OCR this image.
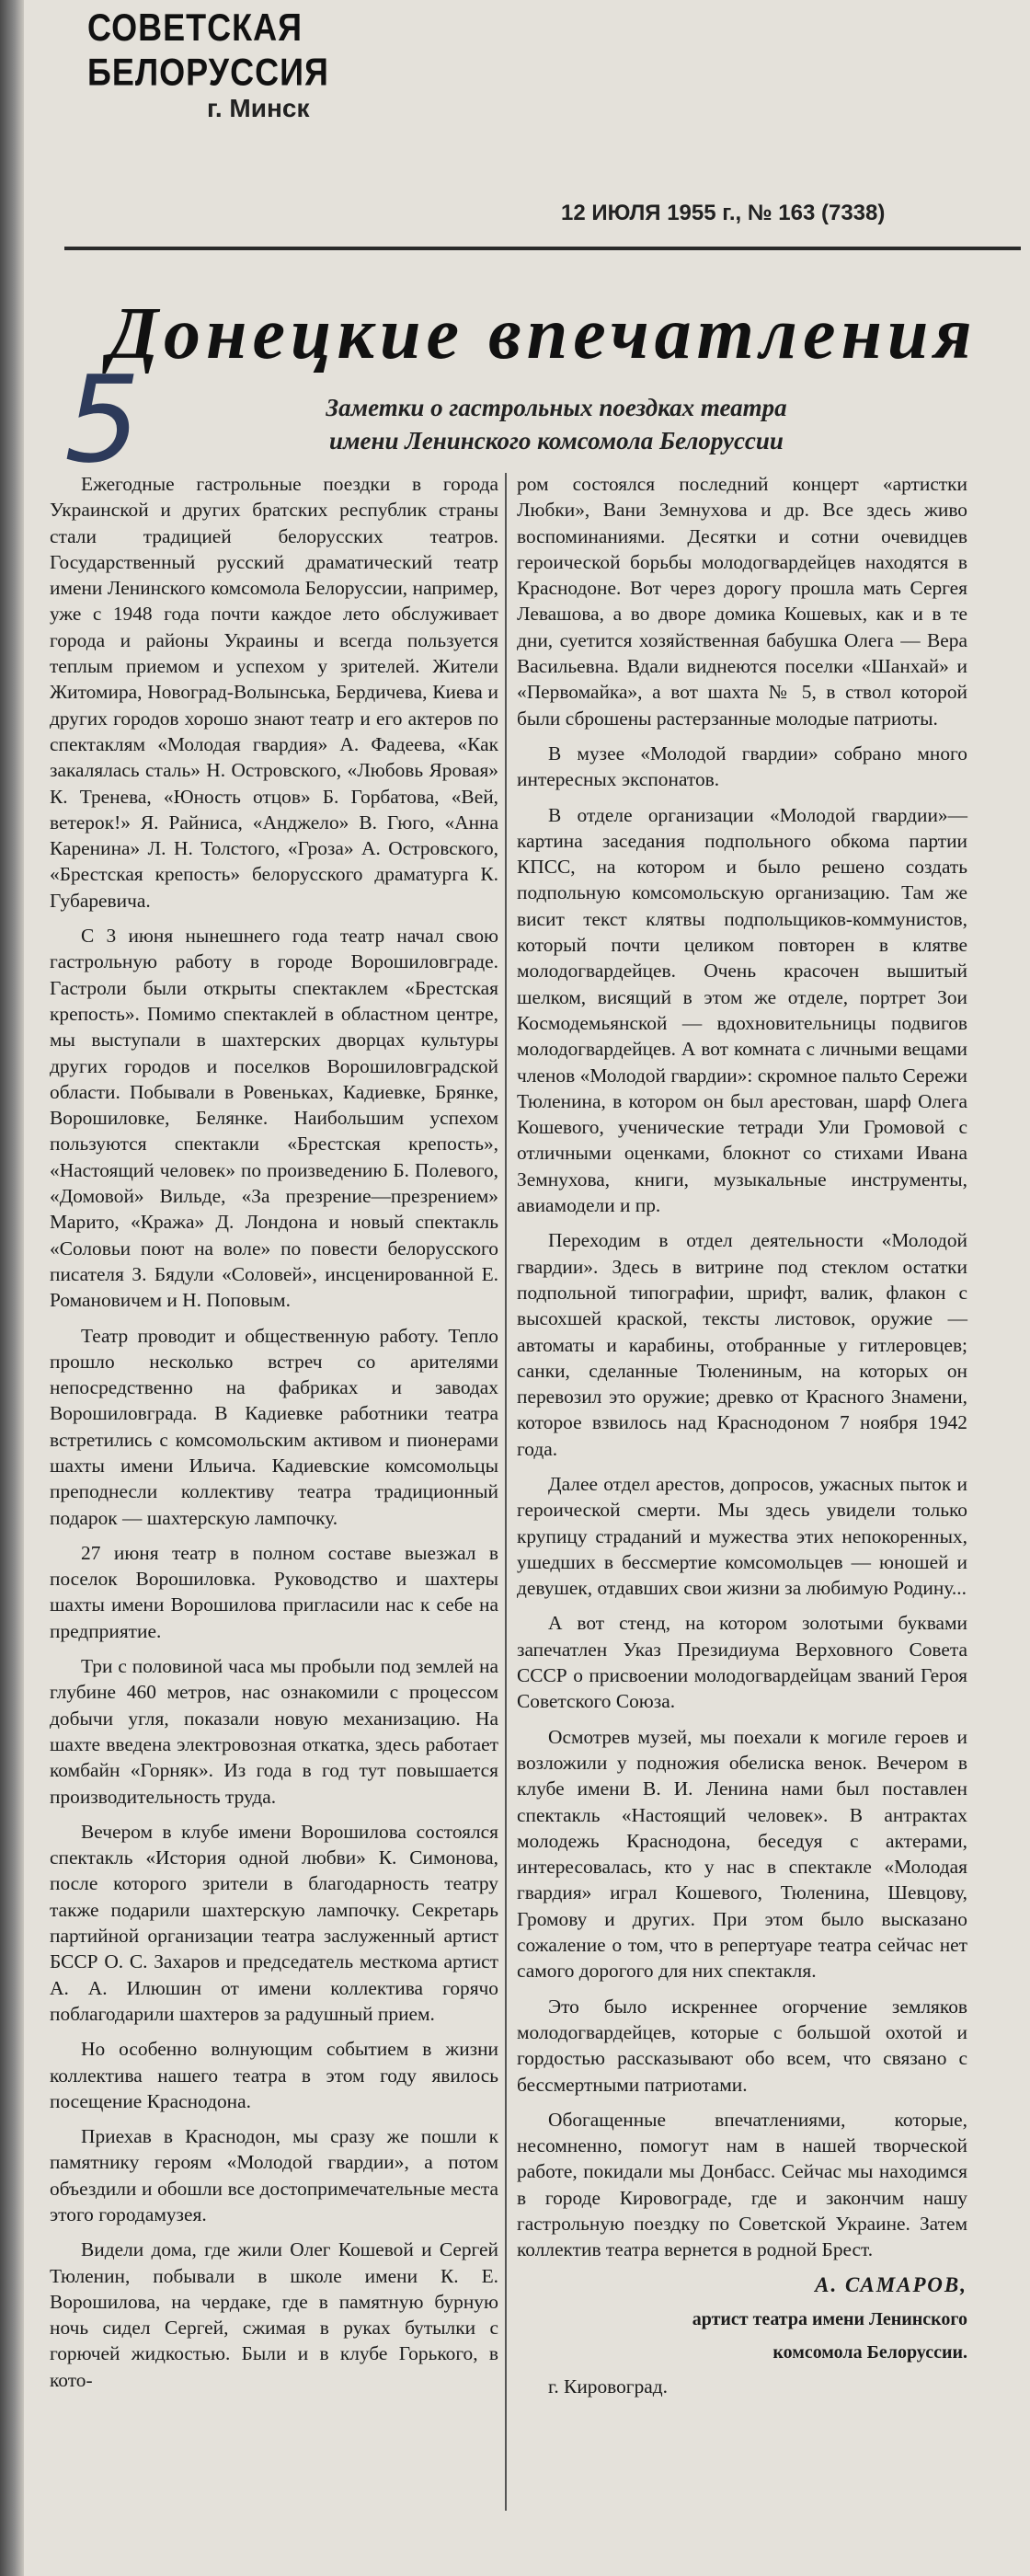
СОВЕТСКАЯ БЕЛОРУССИЯ
г. Минск
12 ИЮЛЯ 1955 г., № 163 (7338)
5
Донецкие впечатления
Заметки о гастрольных поездках театра
имени Ленинского комсомола Белоруссии

Ежегодные гастрольные поездки в города Украинской и других братских республик страны стали традицией белорусских театров. Государственный русский драматический театр имени Ленинского комсомола Белоруссии, например, уже с 1948 года почти каждое лето обслуживает города и районы Украины и всегда пользуется теплым приемом и успехом у зрителей. Жители Житомира, Новоград-Волынська, Бердичева, Киева и других городов хорошо знают театр и его актеров по спектаклям «Молодая гвардия» А. Фадеева, «Как закалялась сталь» Н. Островского, «Любовь Яровая» К. Тренева, «Юность отцов» Б. Горбатова, «Вей, ветерок!» Я. Райниса, «Анджело» В. Гюго, «Анна Каренина» Л. Н. Толстого, «Гроза» А. Островского, «Брестская крепость» белорусского драматурга К. Губаревича.

С 3 июня нынешнего года театр начал свою гастрольную работу в городе Ворошиловграде. Гастроли были открыты спектаклем «Брестская крепость». Помимо спектаклей в областном центре, мы выступали в шахтерских дворцах культуры других городов и поселков Ворошиловградской области. Побывали в Ровеньках, Кадиевке, Брянке, Ворошиловке, Белянке. Наибольшим успехом пользуются спектакли «Брестская крепость», «Настоящий человек» по произведению Б. Полевого, «Домовой» Вильде, «За презрение—презрением» Марито, «Кража» Д. Лондона и новый спектакль «Соловьи поют на воле» по повести белорусского писателя З. Бядули «Соловей», инсценированной Е. Романовичем и Н. Поповым.

Театр проводит и общественную работу. Тепло прошло несколько встреч со арителями непосредственно на фабриках и заводах Ворошиловграда. В Кадиевке работники театра встретились с комсомольским активом и пионерами шахты имени Ильича. Кадиевские комсомольцы преподнесли коллективу театра традиционный подарок — шахтерскую лампочку.

27 июня театр в полном составе выезжал в поселок Ворошиловка. Руководство и шахтеры шахты имени Ворошилова пригласили нас к себе на предприятие.

Три с половиной часа мы пробыли под землей на глубине 460 метров, нас ознакомили с процессом добычи угля, показали новую механизацию. На шахте введена электровозная откатка, здесь работает комбайн «Горняк». Из года в год тут повышается производительность труда.

Вечером в клубе имени Ворошилова состоялся спектакль «История одной любви» К. Симонова, после которого зрители в благодарность театру также подарили шахтерскую лампочку. Секретарь партийной организации театра заслуженный артист БССР О. С. Захаров и председатель месткома артист А. А. Илюшин от имени коллектива горячо поблагодарили шахтеров за радушный прием.

Но особенно волнующим событием в жизни коллектива нашего театра в этом году явилось посещение Краснодона.

Приехав в Краснодон, мы сразу же пошли к памятнику героям «Молодой гвардии», а потом объездили и обошли все достопримечательные места этого городамузея.

Видели дома, где жили Олег Кошевой и Сергей Тюленин, побывали в школе имени К. Е. Ворошилова, на чердаке, где в памятную бурную ночь сидел Сергей, сжимая в руках бутылки с горючей жидкостью. Были и в клубе Горького, в кото-

ром состоялся последний концерт «артистки Любки», Вани Земнухова и др. Все здесь живо воспоминаниями. Десятки и сотни очевидцев героической борьбы молодогвардейцев находятся в Краснодоне. Вот через дорогу прошла мать Сергея Левашова, а во дворе домика Кошевых, как и в те дни, суетится хозяйственная бабушка Олега — Вера Васильевна. Вдали виднеются поселки «Шанхай» и «Первомайка», а вот шахта № 5, в ствол которой были сброшены растерзанные молодые патриоты.

В музее «Молодой гвардии» собрано много интересных экспонатов.

В отделе организации «Молодой гвардии»—картина заседания подпольного обкома партии КПСС, на котором и было решено создать подпольную комсомольскую организацию. Там же висит текст клятвы подпольщиков-коммунистов, который почти целиком повторен в клятве молодогвардейцев. Очень красочен вышитый шелком, висящий в этом же отделе, портрет Зои Космодемьянской — вдохновительницы подвигов молодогвардейцев. А вот комната с личными вещами членов «Молодой гвардии»: скромное пальто Сережи Тюленина, в котором он был арестован, шарф Олега Кошевого, ученические тетради Ули Громовой с отличными оценками, блокнот со стихами Ивана Земнухова, книги, музыкальные инструменты, авиамодели и пр.

Переходим в отдел деятельности «Молодой гвардии». Здесь в витрине под стеклом остатки подпольной типографии, шрифт, валик, флакон с высохшей краской, тексты листовок, оружие — автоматы и карабины, отобранные у гитлеровцев; санки, сделанные Тюлениным, на которых он перевозил это оружие; древко от Красного Знамени, которое взвилось над Краснодоном 7 ноября 1942 года.

Далее отдел арестов, допросов, ужасных пыток и героической смерти. Мы здесь увидели только крупицу страданий и мужества этих непокоренных, ушедших в бессмертие комсомольцев — юношей и девушек, отдавших свои жизни за любимую Родину...

А вот стенд, на котором золотыми буквами запечатлен Указ Президиума Верховного Совета СССР о присвоении молодогвардейцам званий Героя Советского Союза.

Осмотрев музей, мы поехали к могиле героев и возложили у подножия обелиска венок. Вечером в клубе имени В. И. Ленина нами был поставлен спектакль «Настоящий человек». В антрактах молодежь Краснодона, беседуя с актерами, интересовалась, кто у нас в спектакле «Молодая гвардия» играл Кошевого, Тюленина, Шевцову, Громову и других. При этом было высказано сожаление о том, что в репертуаре театра сейчас нет самого дорогого для них спектакля.

Это было искреннее огорчение земляков молодогвардейцев, которые с большой охотой и гордостью рассказывают обо всем, что связано с бессмертными патриотами.

Обогащенные впечатлениями, которые, несомненно, помогут нам в нашей творческой работе, покидали мы Донбасс. Сейчас мы находимся в городе Кировограде, где и закончим нашу гастрольную поездку по Советской Украине. Затем коллектив театра вернется в родной Брест.

А. САМАРОВ,

артист театра имени Ленинского

комсомола Белоруссии.

г. Кировоград.
